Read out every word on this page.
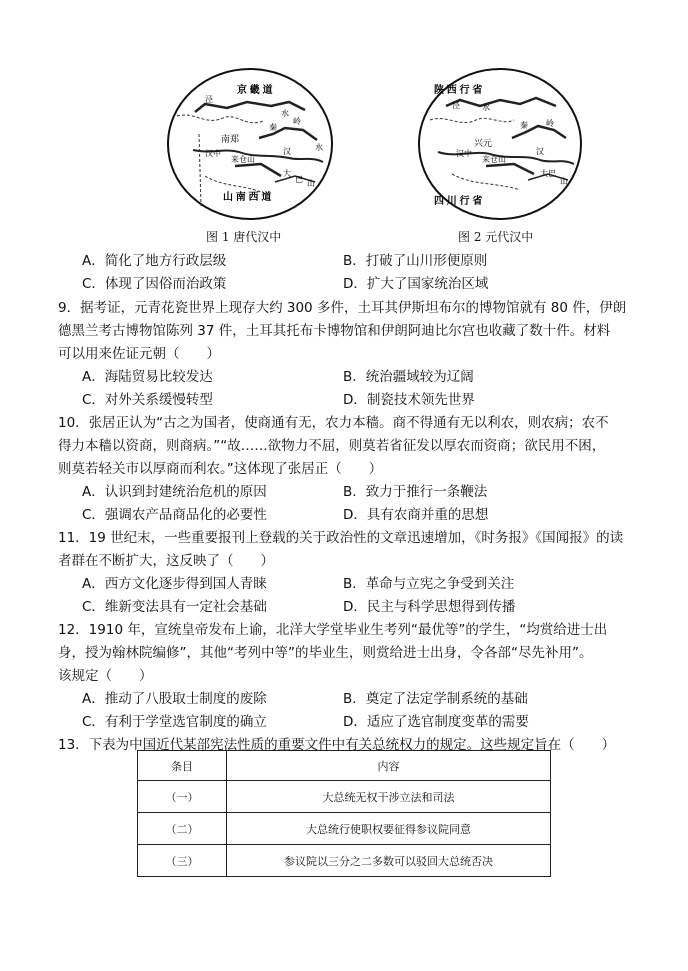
京 畿 道
泾
水
秦
岭
南郑
汉中
来仓山
汉
大
巴 山
水
山 南 西 道
陕 西 行 省
泾	水
秦 岭
兴元
汉中
来仓山
汉
大巴
山
四 川 行 省
图 1 唐代汉中	图 2 元代汉中
A．简化了地方行政层级	B．打破了山川形便原则
C．体现了因俗而治政策	D．扩大了国家统治区域
9．据考证，元青花瓷世界上现存大约 300 多件，土耳其伊斯坦布尔的博物馆就有 80 件，伊朗
德黑兰考古博物馆陈列 37 件，土耳其托布卡博物馆和伊朗阿迪比尔宫也收藏了数十件。材料
可以用来佐证元朝（　　）
A．海陆贸易比较发达	B．统治疆域较为辽阔
C．对外关系缓慢转型	D．制瓷技术领先世界
10．张居正认为“古之为国者，使商通有无，农力本穑。商不得通有无以利农，则农病；农不
得力本穑以资商，则商病。”“故……欲物力不屈，则莫若省征发以厚农而资商；欲民用不困，
则莫若轻关市以厚商而利农。”这体现了张居正（　　）
A．认识到封建统治危机的原因	B．致力于推行一条鞭法
C．强调农产品商品化的必要性	D．具有农商并重的思想
11．19 世纪末，一些重要报刊上登载的关于政治性的文章迅速增加，《时务报》《国闻报》的读
者群在不断扩大，这反映了（　　）
A．西方文化逐步得到国人青睐	B．革命与立宪之争受到关注
C．维新变法具有一定社会基础	D．民主与科学思想得到传播
12．1910 年，宣统皇帝发布上谕，北洋大学堂毕业生考列“最优等”的学生，“均赏给进士出
身，授为翰林院编修”，其他“考列中等”的毕业生，则赏给进士出身，令各部“尽先补用”。
该规定（　　）
A．推动了八股取士制度的废除	B．奠定了法定学制系统的基础
C．有利于学堂选官制度的确立	D．适应了选官制度变革的需要
13．下表为中国近代某部宪法性质的重要文件中有关总统权力的规定。这些规定旨在（　　）
条目	内容
（一）	大总统无权干涉立法和司法
（二）	大总统行使职权要征得参议院同意
（三）	参议院以三分之二多数可以驳回大总统否决
